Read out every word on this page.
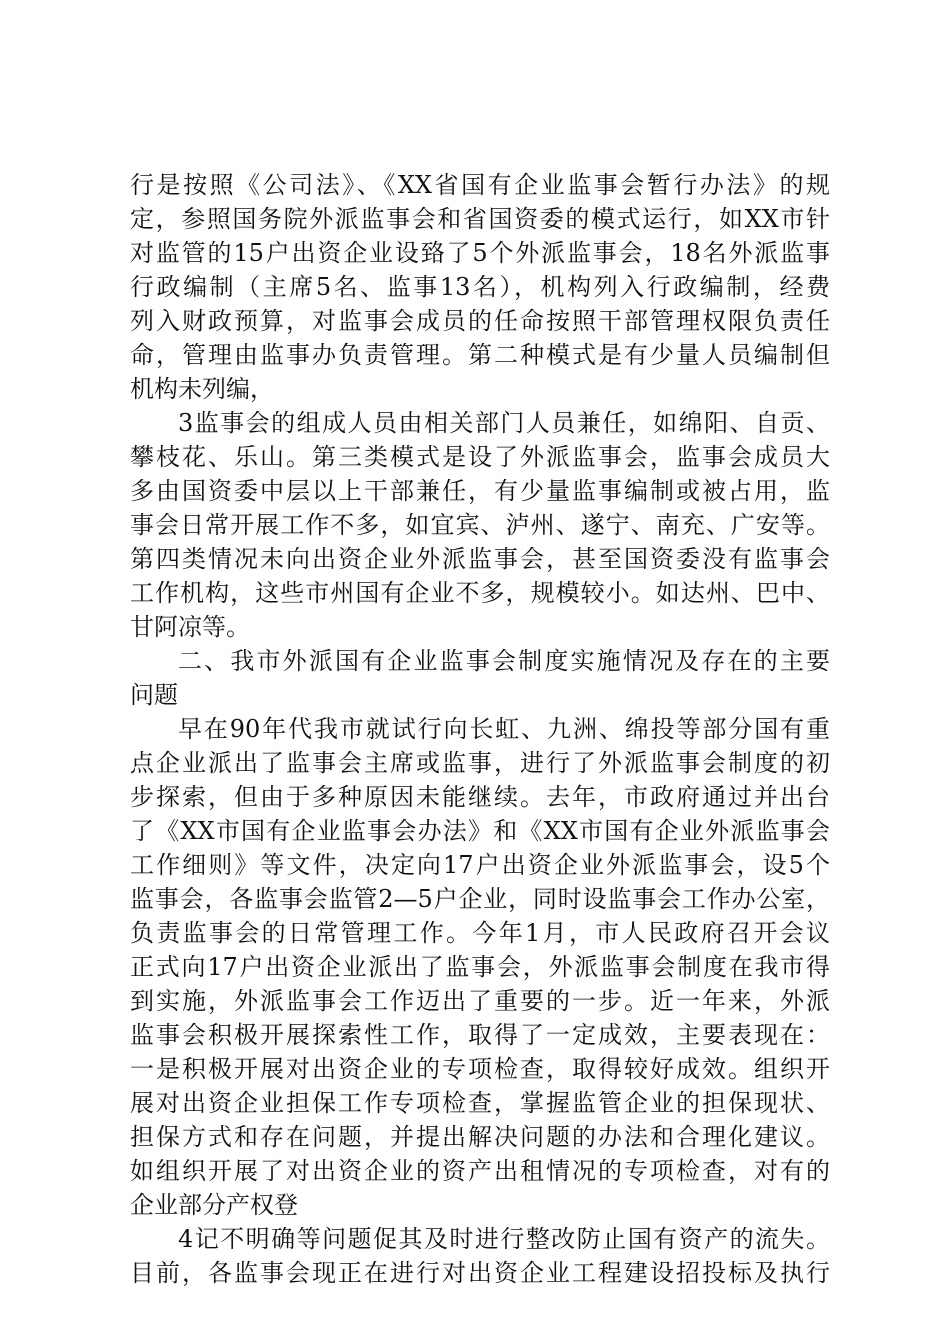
行是按照《公司法》、《XX省国有企业监事会暂行办法》的规
定，参照国务院外派监事会和省国资委的模式运行，如XX市针
对监管的15户出资企业设臵了5个外派监事会，18名外派监事
行政编制（主席5名、监事13名），机构列入行政编制，经费
列入财政预算，对监事会成员的任命按照干部管理权限负责任
命，管理由监事办负责管理。第二种模式是有少量人员编制但
机构未列编，
3监事会的组成人员由相关部门人员兼任，如绵阳、自贡、
攀枝花、乐山。第三类模式是设了外派监事会，监事会成员大
多由国资委中层以上干部兼任，有少量监事编制或被占用，监
事会日常开展工作不多，如宜宾、泸州、遂宁、南充、广安等。
第四类情况未向出资企业外派监事会，甚至国资委没有监事会
工作机构，这些市州国有企业不多，规模较小。如达州、巴中、
甘阿凉等。
二、我市外派国有企业监事会制度实施情况及存在的主要
问题
早在90年代我市就试行向长虹、九洲、绵投等部分国有重
点企业派出了监事会主席或监事，进行了外派监事会制度的初
步探索，但由于多种原因未能继续。去年，市政府通过并出台
了《XX市国有企业监事会办法》和《XX市国有企业外派监事会
工作细则》等文件，决定向17户出资企业外派监事会，设5个
监事会，各监事会监管2—5户企业，同时设监事会工作办公室，
负责监事会的日常管理工作。今年1月，市人民政府召开会议
正式向17户出资企业派出了监事会，外派监事会制度在我市得
到实施，外派监事会工作迈出了重要的一步。近一年来，外派
监事会积极开展探索性工作，取得了一定成效，主要表现在：
一是积极开展对出资企业的专项检查，取得较好成效。组织开
展对出资企业担保工作专项检查，掌握监管企业的担保现状、
担保方式和存在问题，并提出解决问题的办法和合理化建议。
如组织开展了对出资企业的资产出租情况的专项检查，对有的
企业部分产权登
4记不明确等问题促其及时进行整改防止国有资产的流失。
目前，各监事会现正在进行对出资企业工程建设招投标及执行
